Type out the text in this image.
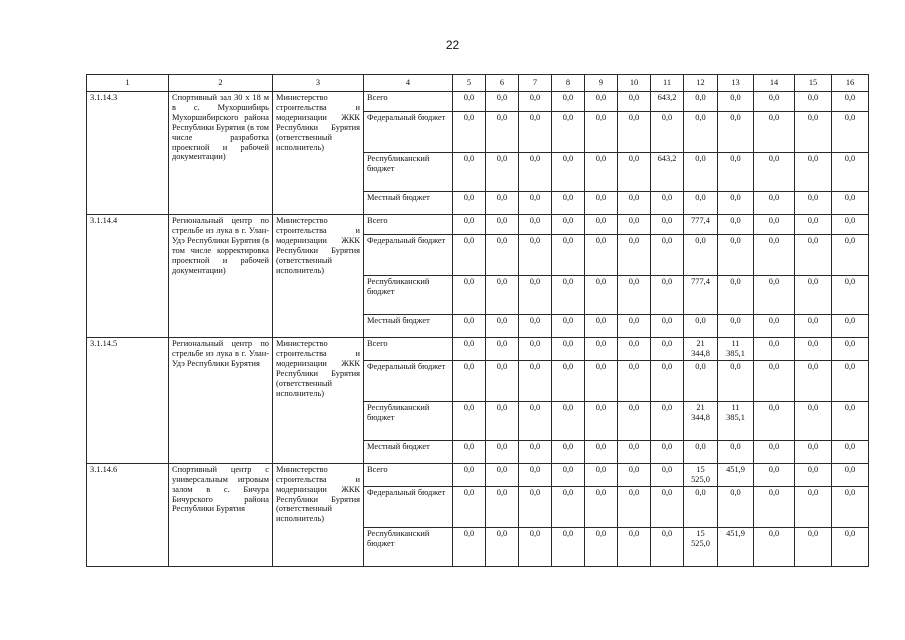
22
1	2	3	4	5	6	7	8	9	10	11	12	13	14	15	16
3.1.14.3	Спортивный зал 30 х 18 м в с. Мухоршибирь Мухоршибирского района Республики Бурятия (в том числе разработка проектной и рабочей документации)	Министерство строительства и модернизации ЖКК Республики Бурятия (ответственный исполнитель)	Всего	0,0	0,0	0,0	0,0	0,0	0,0	643,2	0,0	0,0	0,0	0,0	0,0
			Федеральный бюджет	0,0	0,0	0,0	0,0	0,0	0,0	0,0	0,0	0,0	0,0	0,0	0,0
			Республиканский бюджет	0,0	0,0	0,0	0,0	0,0	0,0	643,2	0,0	0,0	0,0	0,0	0,0
			Местный бюджет	0,0	0,0	0,0	0,0	0,0	0,0	0,0	0,0	0,0	0,0	0,0	0,0
3.1.14.4	Региональный центр по стрельбе из лука в г. Улан-Удэ Республики Бурятия (в том числе корректировка проектной и рабочей документации)	Министерство строительства и модернизации ЖКК Республики Бурятия (ответственный исполнитель)	Всего	0,0	0,0	0,0	0,0	0,0	0,0	0,0	777,4	0,0	0,0	0,0	0,0
			Федеральный бюджет	0,0	0,0	0,0	0,0	0,0	0,0	0,0	0,0	0,0	0,0	0,0	0,0
			Республиканский бюджет	0,0	0,0	0,0	0,0	0,0	0,0	0,0	777,4	0,0	0,0	0,0	0,0
			Местный бюджет	0,0	0,0	0,0	0,0	0,0	0,0	0,0	0,0	0,0	0,0	0,0	0,0
3.1.14.5	Региональный центр по стрельбе из лука в г. Улан-Удэ Республики Бурятия	Министерство строительства и модернизации ЖКК Республики Бурятия (ответственный исполнитель)	Всего	0,0	0,0	0,0	0,0	0,0	0,0	0,0	21
344,8	11
385,1	0,0	0,0	0,0
			Федеральный бюджет	0,0	0,0	0,0	0,0	0,0	0,0	0,0	0,0	0,0	0,0	0,0	0,0
			Республиканский бюджет	0,0	0,0	0,0	0,0	0,0	0,0	0,0	21
344,8	11
385,1	0,0	0,0	0,0
			Местный бюджет	0,0	0,0	0,0	0,0	0,0	0,0	0,0	0,0	0,0	0,0	0,0	0,0
3.1.14.6	Спортивный центр с универсальным игровым залом в с. Бичура Бичурского района Республики Бурятия	Министерство строительства и модернизации ЖКК Республики Бурятия (ответственный исполнитель)	Всего	0,0	0,0	0,0	0,0	0,0	0,0	0,0	15
525,0	451,9	0,0	0,0	0,0
			Федеральный бюджет	0,0	0,0	0,0	0,0	0,0	0,0	0,0	0,0	0,0	0,0	0,0	0,0
			Республиканский бюджет	0,0	0,0	0,0	0,0	0,0	0,0	0,0	15
525,0	451,9	0,0	0,0	0,0
